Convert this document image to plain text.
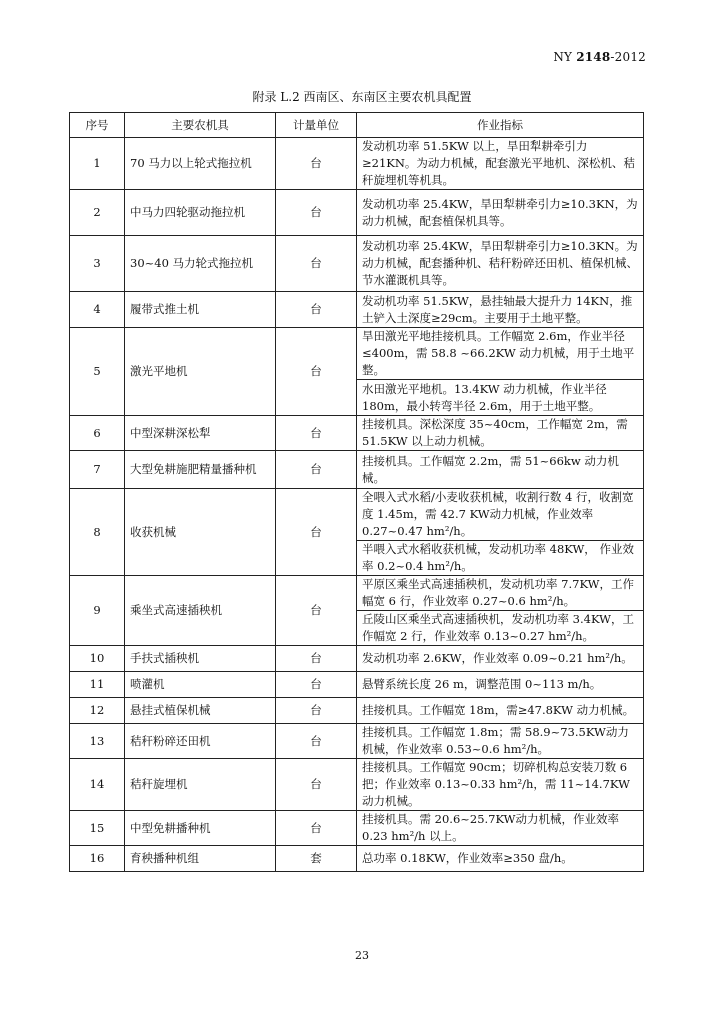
NY 2148-2012
附录 L.2 西南区、东南区主要农机具配置
序号	主要农机具	计量单位	作业指标
1	70 马力以上轮式拖拉机	台	发动机功率 51.5KW 以上，旱田犁耕牵引力≥21KN。为动力机械，配套激光平地机、深松机、秸秆旋埋机等机具。
2	中马力四轮驱动拖拉机	台	发动机功率 25.4KW，旱田犁耕牵引力≥10.3KN，为动力机械，配套植保机具等。
3	30~40 马力轮式拖拉机	台	发动机功率 25.4KW，旱田犁耕牵引力≥10.3KN。为动力机械，配套播种机、秸秆粉碎还田机、植保机械、节水灌溉机具等。
4	履带式推土机	台	发动机功率 51.5KW，悬挂轴最大提升力 14KN，推土铲入土深度≥29cm。主要用于土地平整。
5	激光平地机	台	旱田激光平地挂接机具。工作幅宽 2.6m，作业半径≤400m，需 58.8 ~66.2KW 动力机械，用于土地平整。
			水田激光平地机。13.4KW 动力机械，作业半径 180m，最小转弯半径 2.6m，用于土地平整。
6	中型深耕深松犁	台	挂接机具。深松深度 35~40cm，工作幅宽 2m，需 51.5KW 以上动力机械。
7	大型免耕施肥精量播种机	台	挂接机具。工作幅宽 2.2m，需 51~66kw 动力机械。
8	收获机械	台	全喂入式水稻/小麦收获机械，收割行数 4 行，收割宽度 1.45m，需 42.7 KW动力机械，作业效率 0.27~0.47 hm²/h。
			半喂入式水稻收获机械，发动机功率 48KW， 作业效率 0.2~0.4 hm²/h。
9	乘坐式高速插秧机	台	平原区乘坐式高速插秧机，发动机功率 7.7KW，工作幅宽 6 行，作业效率 0.27~0.6 hm²/h。
			丘陵山区乘坐式高速插秧机，发动机功率 3.4KW，工作幅宽 2 行，作业效率 0.13~0.27 hm²/h。
10	手扶式插秧机	台	发动机功率 2.6KW，作业效率 0.09~0.21 hm²/h。
11	喷灌机	台	悬臂系统长度 26 m，调整范围 0~113 m/h。
12	悬挂式植保机械	台	挂接机具。工作幅宽 18m，需≥47.8KW 动力机械。
13	秸秆粉碎还田机	台	挂接机具。工作幅宽 1.8m；需 58.9~73.5KW动力机械，作业效率 0.53~0.6 hm²/h。
14	秸秆旋埋机	台	挂接机具。工作幅宽 90cm；切碎机构总安装刀数 6 把；作业效率 0.13~0.33 hm²/h，需 11~14.7KW动力机械。
15	中型免耕播种机	台	挂接机具。需 20.6~25.7KW动力机械，作业效率 0.23 hm²/h 以上。
16	育秧播种机组	套	总功率 0.18KW，作业效率≥350 盘/h。
23
